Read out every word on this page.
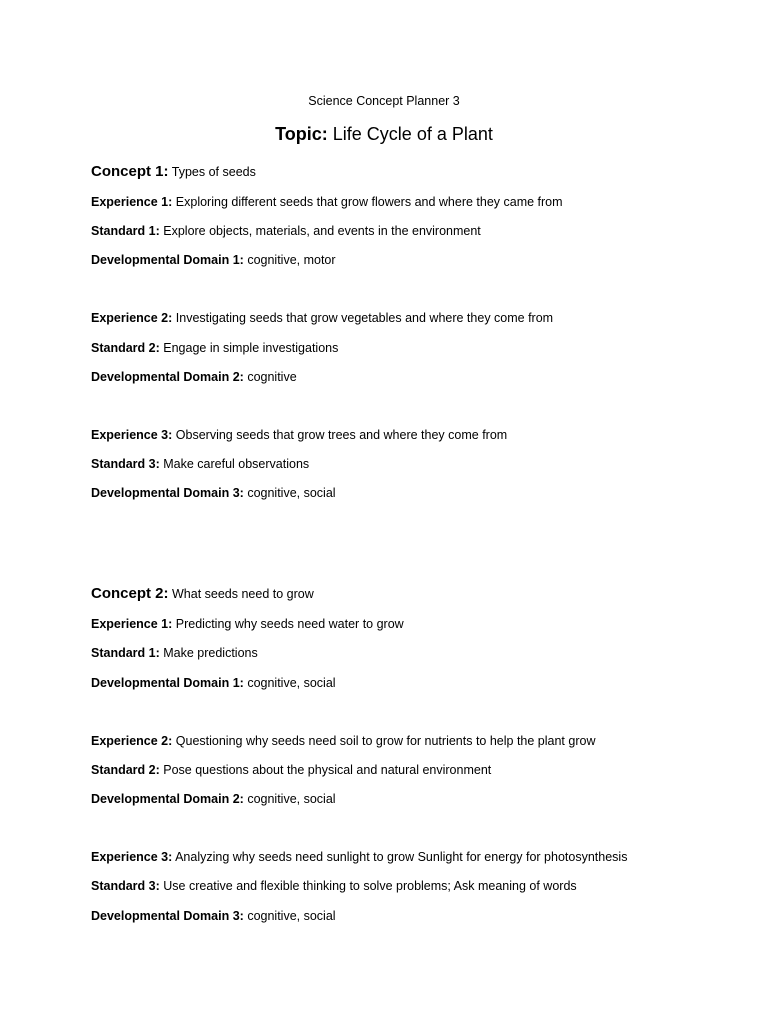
Science Concept Planner 3
Topic: Life Cycle of a Plant
Concept 1: Types of seeds
Experience 1: Exploring different seeds that grow flowers and where they came from
Standard 1: Explore objects, materials, and events in the environment
Developmental Domain 1: cognitive, motor
Experience 2: Investigating seeds that grow vegetables and where they come from
Standard 2: Engage in simple investigations
Developmental Domain 2: cognitive
Experience 3: Observing seeds that grow trees and where they come from
Standard 3: Make careful observations
Developmental Domain 3: cognitive, social
Concept 2: What seeds need to grow
Experience 1: Predicting why seeds need water to grow
Standard 1: Make predictions
Developmental Domain 1: cognitive, social
Experience 2: Questioning why seeds need soil to grow for nutrients to help the plant grow
Standard 2: Pose questions about the physical and natural environment
Developmental Domain 2: cognitive, social
Experience 3: Analyzing why seeds need sunlight to grow Sunlight for energy for photosynthesis
Standard 3: Use creative and flexible thinking to solve problems; Ask meaning of words
Developmental Domain 3: cognitive, social
